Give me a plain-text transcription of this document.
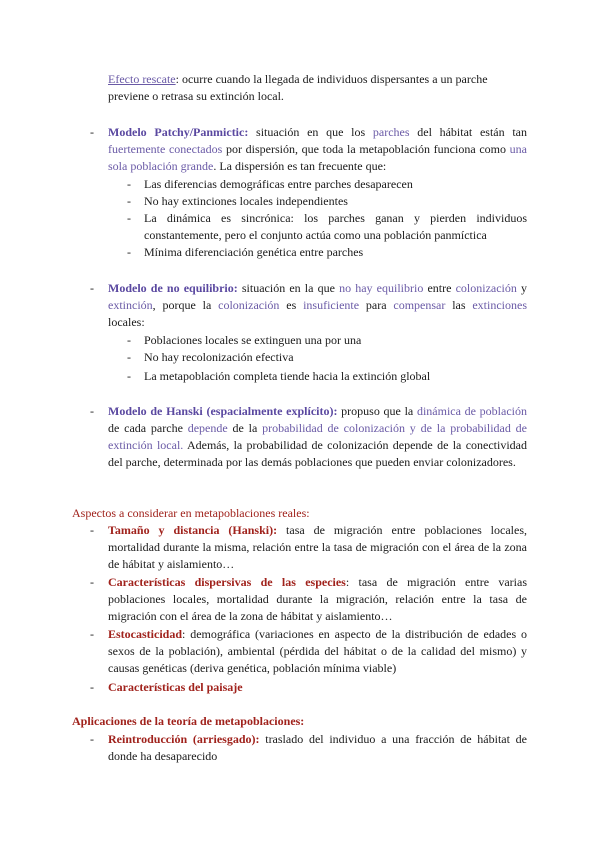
Efecto rescate: ocurre cuando la llegada de individuos dispersantes a un parche
previene o retrasa su extinción local.
- Modelo Patchy/Panmictic: situación en que los parches del hábitat están tan fuertemente conectados por dispersión, que toda la metapoblación funciona como una sola población grande. La dispersión es tan frecuente que:
- Las diferencias demográficas entre parches desaparecen
- No hay extinciones locales independientes
- La dinámica es sincrónica: los parches ganan y pierden individuos constantemente, pero el conjunto actúa como una población panmíctica
- Mínima diferenciación genética entre parches
- Modelo de no equilibrio: situación en la que no hay equilibrio entre colonización y extinción, porque la colonización es insuficiente para compensar las extinciones locales:
- Poblaciones locales se extinguen una por una
- No hay recolonización efectiva
- La metapoblación completa tiende hacia la extinción global
- Modelo de Hanski (espacialmente explícito): propuso que la dinámica de población de cada parche depende de la probabilidad de colonización y de la probabilidad de extinción local. Además, la probabilidad de colonización depende de la conectividad del parche, determinada por las demás poblaciones que pueden enviar colonizadores.
Aspectos a considerar en metapoblaciones reales:
- Tamaño y distancia (Hanski): tasa de migración entre poblaciones locales, mortalidad durante la misma, relación entre la tasa de migración con el área de la zona de hábitat y aislamiento…
- Características dispersivas de las especies: tasa de migración entre varias poblaciones locales, mortalidad durante la migración, relación entre la tasa de migración con el área de la zona de hábitat y aislamiento…
- Estocasticidad: demográfica (variaciones en aspecto de la distribución de edades o sexos de la población), ambiental (pérdida del hábitat o de la calidad del mismo) y causas genéticas (deriva genética, población mínima viable)
- Características del paisaje
Aplicaciones de la teoría de metapoblaciones:
- Reintroducción (arriesgado): traslado del individuo a una fracción de hábitat de donde ha desaparecido
